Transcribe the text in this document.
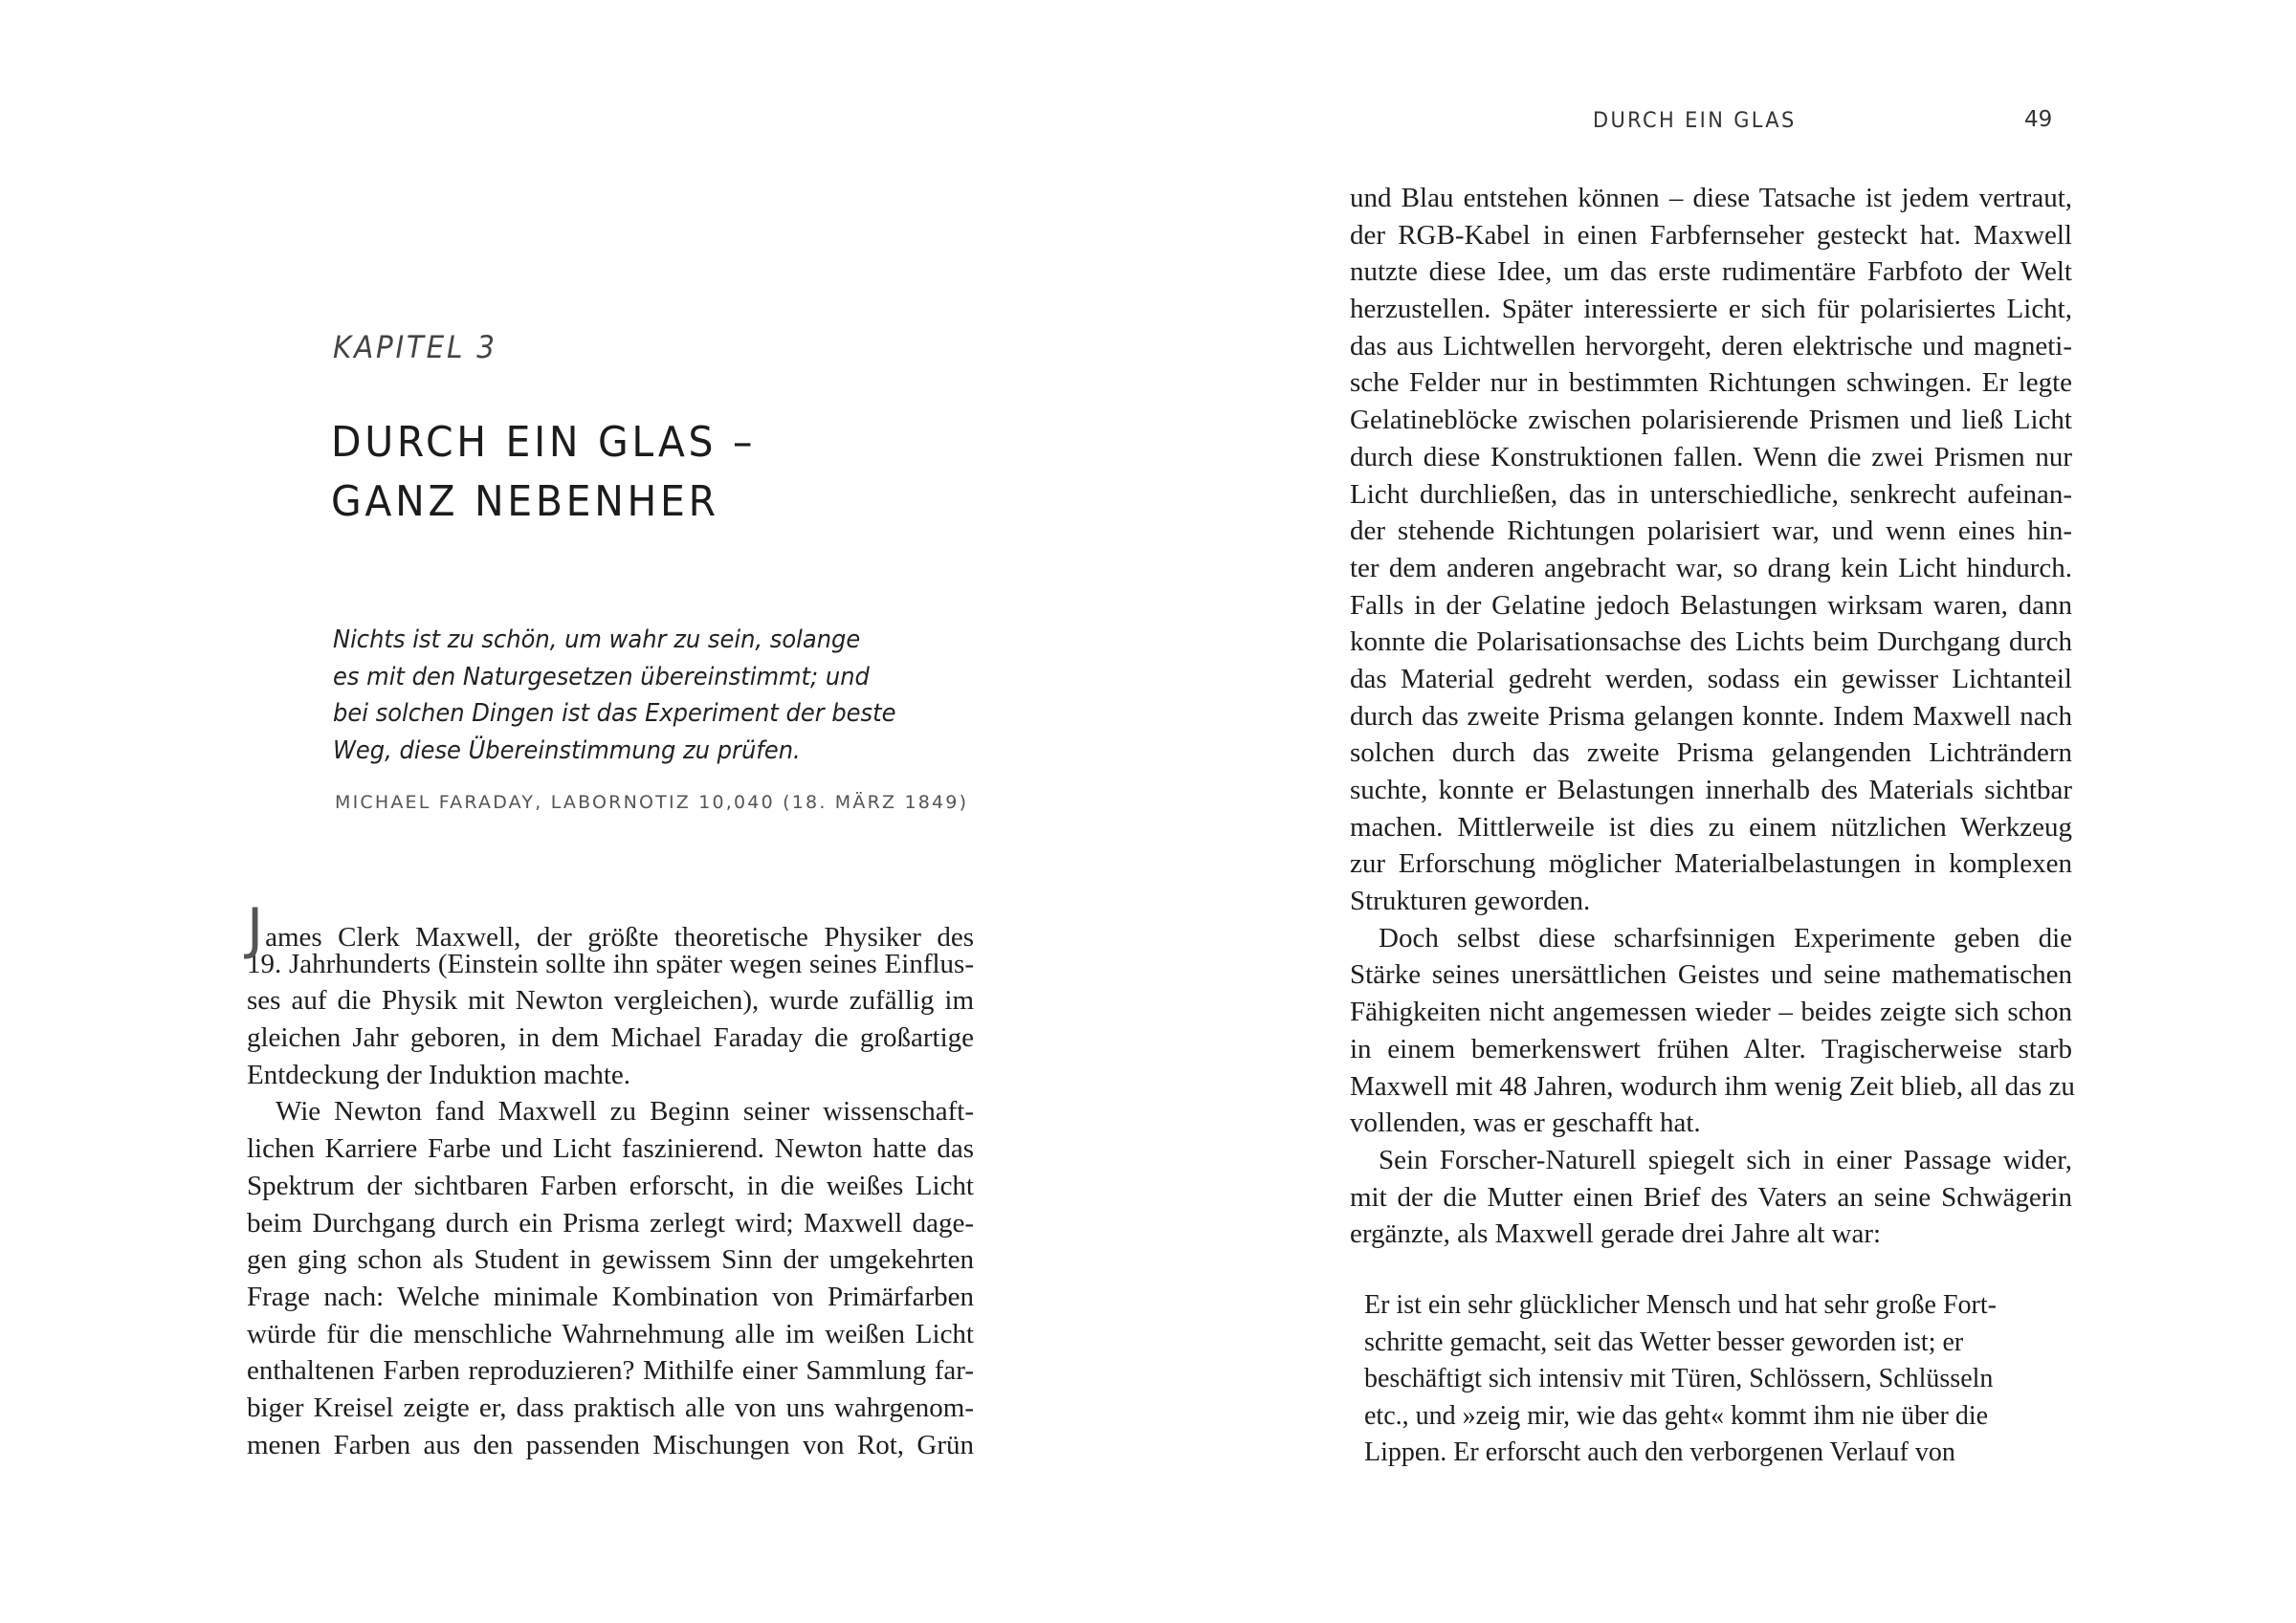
KAPITEL 3
DURCH EIN GLAS –
GANZ NEBENHER
Nichts ist zu schön, um wahr zu sein, solange
es mit den Naturgesetzen übereinstimmt; und
bei solchen Dingen ist das Experiment der beste
Weg, diese Übereinstimmung zu prüfen.
MICHAEL FARADAY, LABORNOTIZ 10,040 (18. MÄRZ 1849)
James Clerk Maxwell, der größte theoretische Physiker des
19. Jahrhunderts (Einstein sollte ihn später wegen seines Einflus-
ses auf die Physik mit Newton vergleichen), wurde zufällig im
gleichen Jahr geboren, in dem Michael Faraday die großartige
Entdeckung der Induktion machte.
Wie Newton fand Maxwell zu Beginn seiner wissenschaft-
lichen Karriere Farbe und Licht faszinierend. Newton hatte das
Spektrum der sichtbaren Farben erforscht, in die weißes Licht
beim Durchgang durch ein Prisma zerlegt wird; Maxwell dage-
gen ging schon als Student in gewissem Sinn der umgekehrten
Frage nach: Welche minimale Kombination von Primärfarben
würde für die menschliche Wahrnehmung alle im weißen Licht
enthaltenen Farben reproduzieren? Mithilfe einer Sammlung far-
biger Kreisel zeigte er, dass praktisch alle von uns wahrgenom-
menen Farben aus den passenden Mischungen von Rot, Grün
DURCH EIN GLAS	49
und Blau entstehen können – diese Tatsache ist jedem vertraut,
der RGB-Kabel in einen Farbfernseher gesteckt hat. Maxwell
nutzte diese Idee, um das erste rudimentäre Farbfoto der Welt
herzustellen. Später interessierte er sich für polarisiertes Licht,
das aus Lichtwellen hervorgeht, deren elektrische und magneti-
sche Felder nur in bestimmten Richtungen schwingen. Er legte
Gelatineblöcke zwischen polarisierende Prismen und ließ Licht
durch diese Konstruktionen fallen. Wenn die zwei Prismen nur
Licht durchließen, das in unterschiedliche, senkrecht aufeinan-
der stehende Richtungen polarisiert war, und wenn eines hin-
ter dem anderen angebracht war, so drang kein Licht hindurch.
Falls in der Gelatine jedoch Belastungen wirksam waren, dann
konnte die Polarisationsachse des Lichts beim Durchgang durch
das Material gedreht werden, sodass ein gewisser Lichtanteil
durch das zweite Prisma gelangen konnte. Indem Maxwell nach
solchen durch das zweite Prisma gelangenden Lichträndern
suchte, konnte er Belastungen innerhalb des Materials sichtbar
machen. Mittlerweile ist dies zu einem nützlichen Werkzeug
zur Erforschung möglicher Materialbelastungen in komplexen
Strukturen geworden.
Doch selbst diese scharfsinnigen Experimente geben die
Stärke seines unersättlichen Geistes und seine mathematischen
Fähigkeiten nicht angemessen wieder – beides zeigte sich schon
in einem bemerkenswert frühen Alter. Tragischerweise starb
Maxwell mit 48 Jahren, wodurch ihm wenig Zeit blieb, all das zu
vollenden, was er geschafft hat.
Sein Forscher-Naturell spiegelt sich in einer Passage wider,
mit der die Mutter einen Brief des Vaters an seine Schwägerin
ergänzte, als Maxwell gerade drei Jahre alt war:
Er ist ein sehr glücklicher Mensch und hat sehr große Fort-
schritte gemacht, seit das Wetter besser geworden ist; er
beschäftigt sich intensiv mit Türen, Schlössern, Schlüsseln
etc., und »zeig mir, wie das geht« kommt ihm nie über die
Lippen. Er erforscht auch den verborgenen Verlauf von
